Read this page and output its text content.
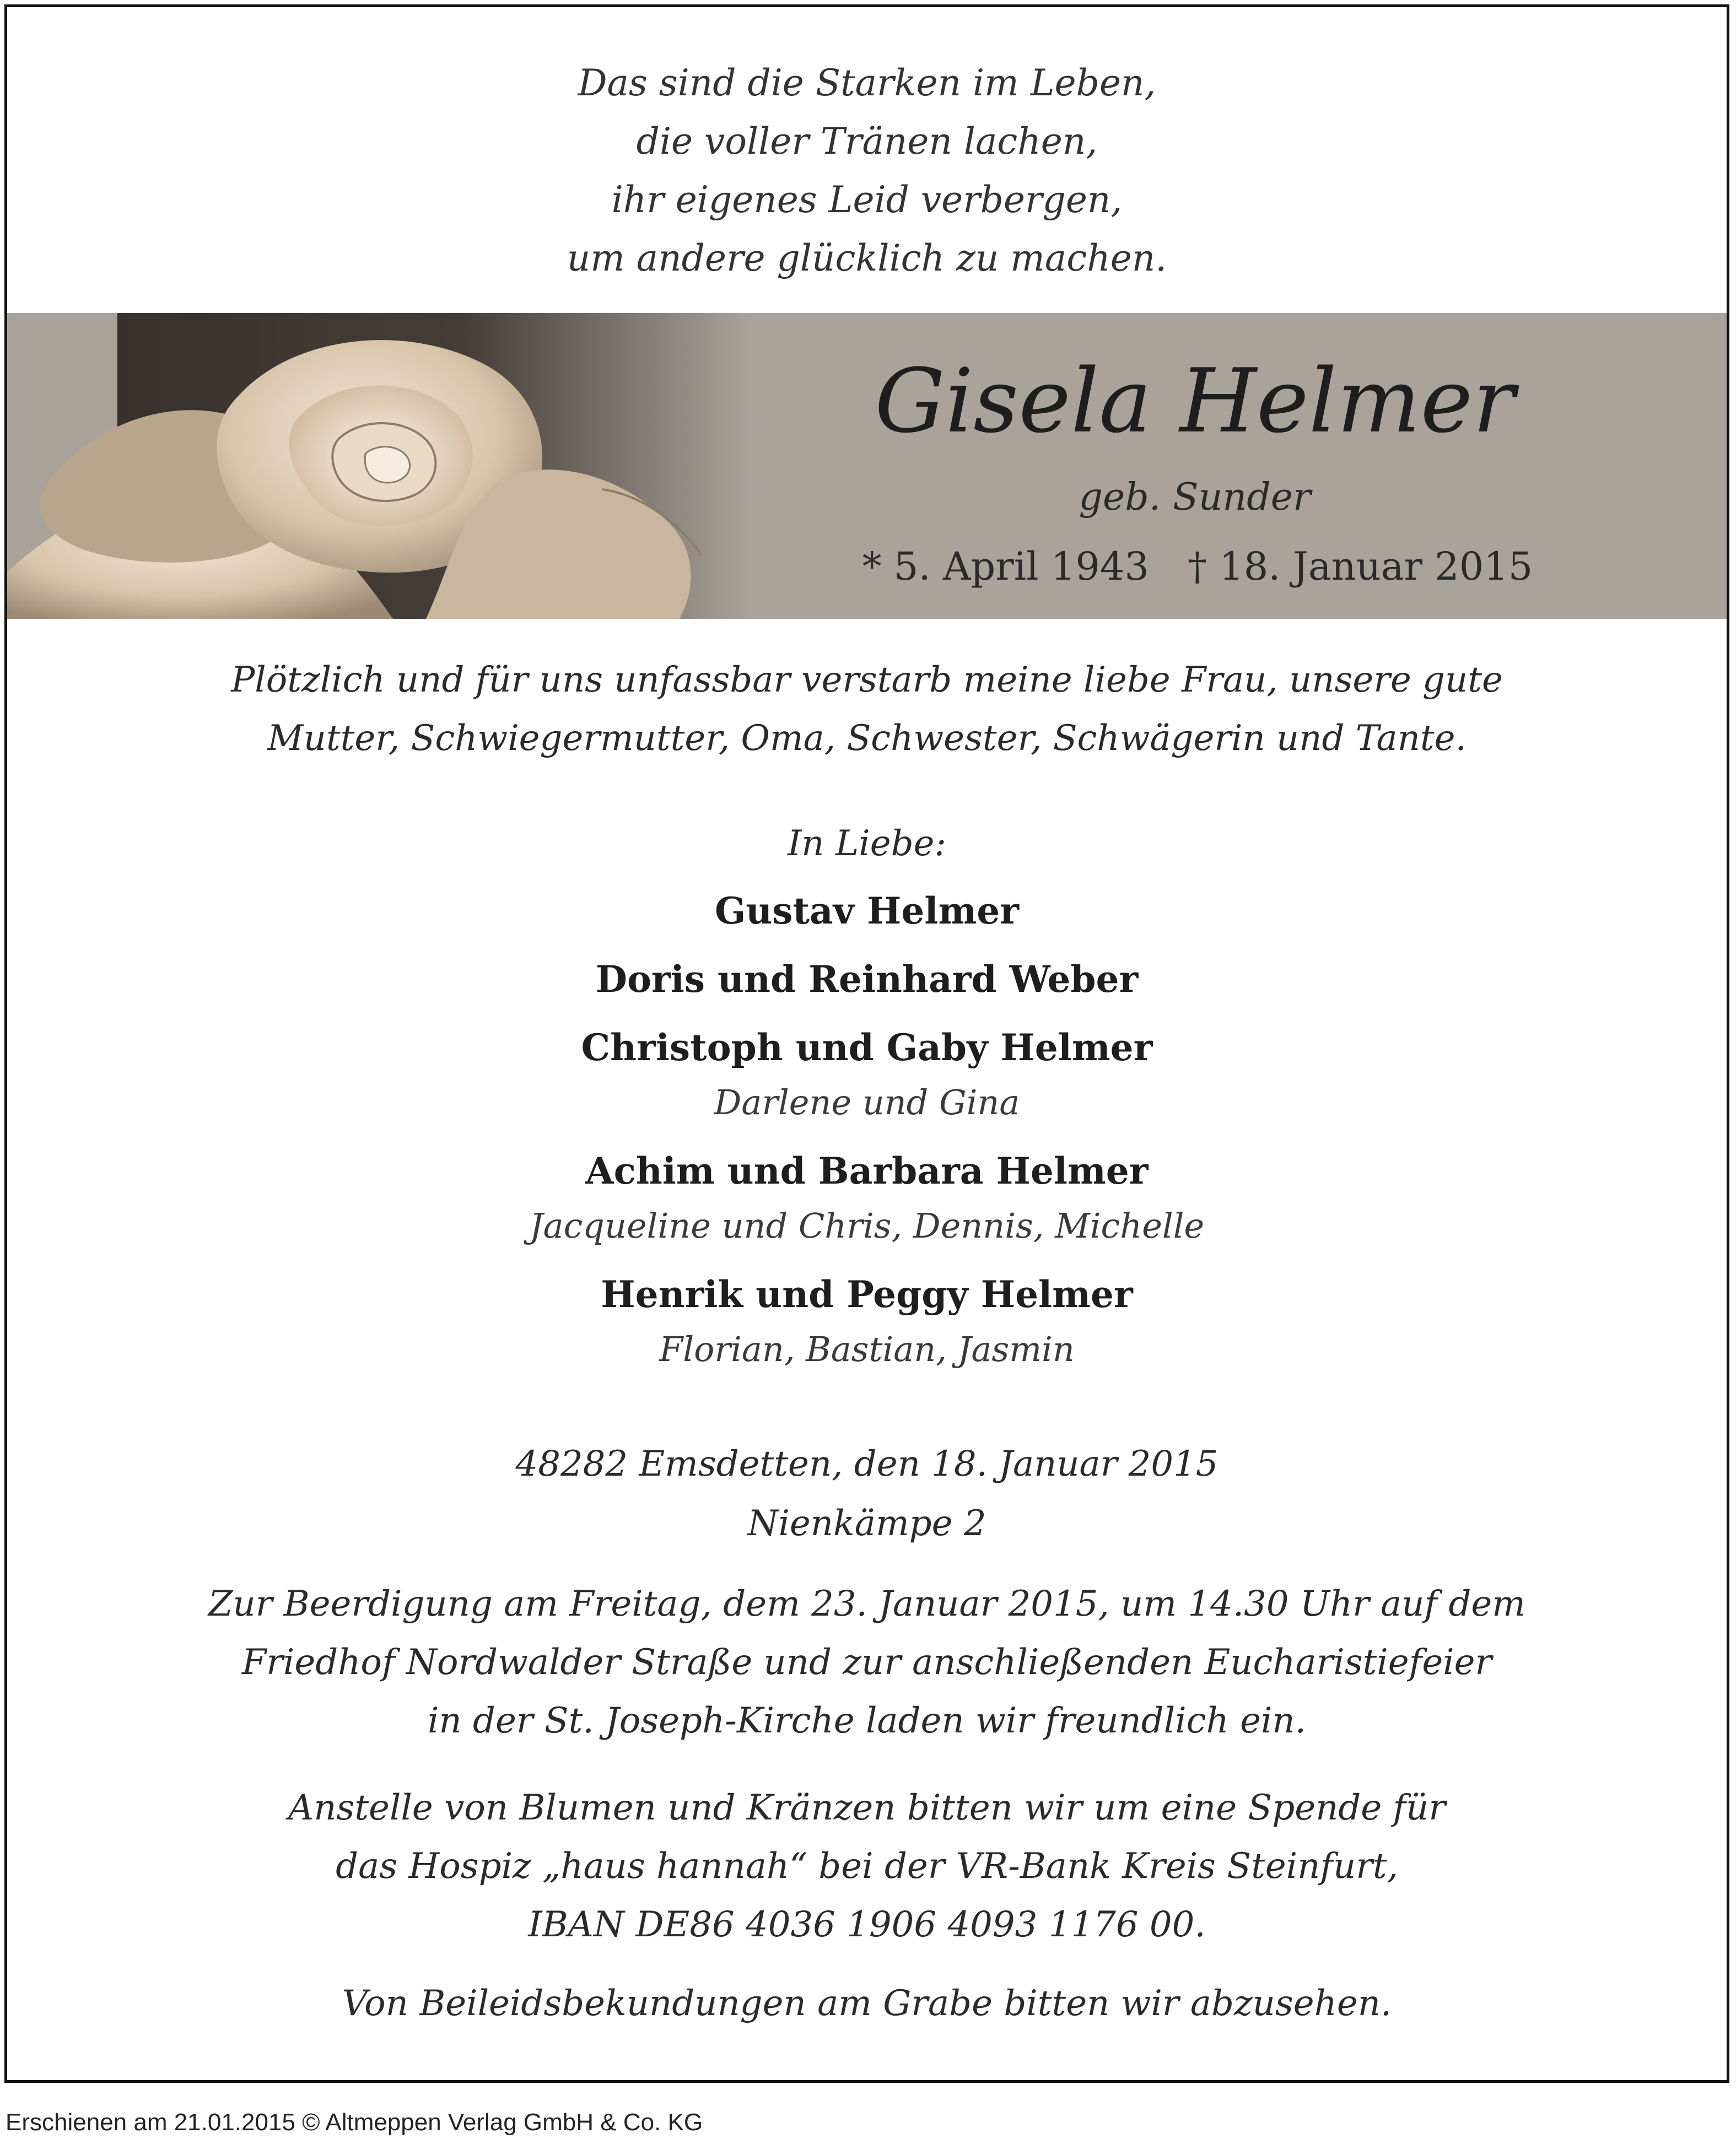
Das sind die Starken im Leben,
die voller Tränen lachen,
ihr eigenes Leid verbergen,
um andere glücklich zu machen.
Gisela Helmer
geb. Sunder
* 5. April 1943 † 18. Januar 2015
Plötzlich und für uns unfassbar verstarb meine liebe Frau, unsere gute
Mutter, Schwiegermutter, Oma, Schwester, Schwägerin und Tante.
In Liebe:
Gustav Helmer
Doris und Reinhard Weber
Christoph und Gaby Helmer
Darlene und Gina
Achim und Barbara Helmer
Jacqueline und Chris, Dennis, Michelle
Henrik und Peggy Helmer
Florian, Bastian, Jasmin
48282 Emsdetten, den 18. Januar 2015
Nienkämpe 2
Zur Beerdigung am Freitag, dem 23. Januar 2015, um 14.30 Uhr auf dem
Friedhof Nordwalder Straße und zur anschließenden Eucharistiefeier
in der St. Joseph-Kirche laden wir freundlich ein.
Anstelle von Blumen und Kränzen bitten wir um eine Spende für
das Hospiz „haus hannah“ bei der VR-Bank Kreis Steinfurt,
IBAN DE86 4036 1906 4093 1176 00.
Von Beileidsbekundungen am Grabe bitten wir abzusehen.
Erschienen am 21.01.2015 © Altmeppen Verlag GmbH & Co. KG
